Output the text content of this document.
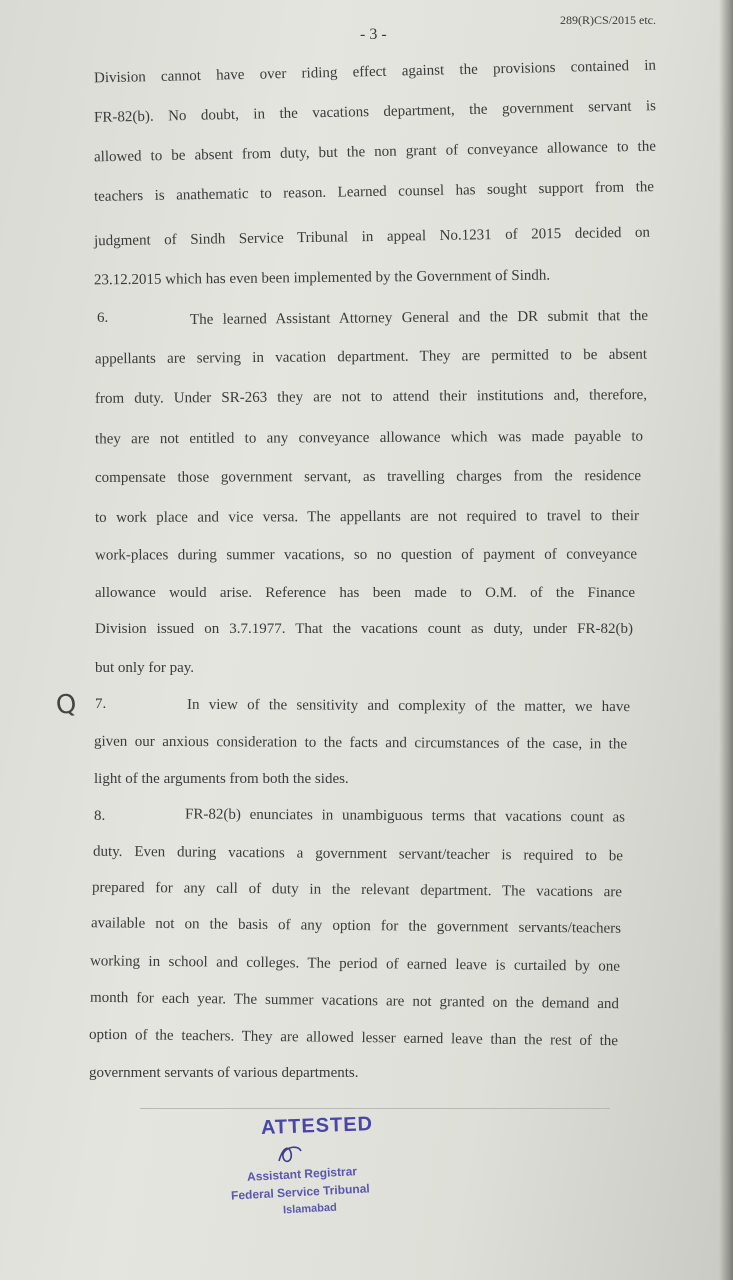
- 3 -
289(R)CS/2015 etc.
Division cannot have over riding effect against the provisions contained in
FR-82(b). No doubt, in the vacations department, the government servant is
allowed to be absent from duty, but the non grant of conveyance allowance to the
teachers is anathematic to reason. Learned counsel has sought support from the
judgment of Sindh Service Tribunal in appeal No.1231 of 2015 decided on
23.12.2015 which has even been implemented by the Government of Sindh.
6.	The learned Assistant Attorney General and the DR submit that the
appellants are serving in vacation department. They are permitted to be absent
from duty. Under SR-263 they are not to attend their institutions and, therefore,
they are not entitled to any conveyance allowance which was made payable to
compensate those government servant, as travelling charges from the residence
to work place and vice versa. The appellants are not required to travel to their
work-places during summer vacations, so no question of payment of conveyance
allowance would arise. Reference has been made to O.M. of the Finance
Division issued on 3.7.1977. That the vacations count as duty, under FR-82(b)
but only for pay.
Q 7.	In view of the sensitivity and complexity of the matter, we have
given our anxious consideration to the facts and circumstances of the case, in the
light of the arguments from both the sides.
8.	FR-82(b) enunciates in unambiguous terms that vacations count as
duty. Even during vacations a government servant/teacher is required to be
prepared for any call of duty in the relevant department. The vacations are
available not on the basis of any option for the government servants/teachers
working in school and colleges. The period of earned leave is curtailed by one
month for each year. The summer vacations are not granted on the demand and
option of the teachers. They are allowed lesser earned leave than the rest of the
government servants of various departments.
ATTESTED
Assistant Registrar
Federal Service Tribunal
Islamabad
